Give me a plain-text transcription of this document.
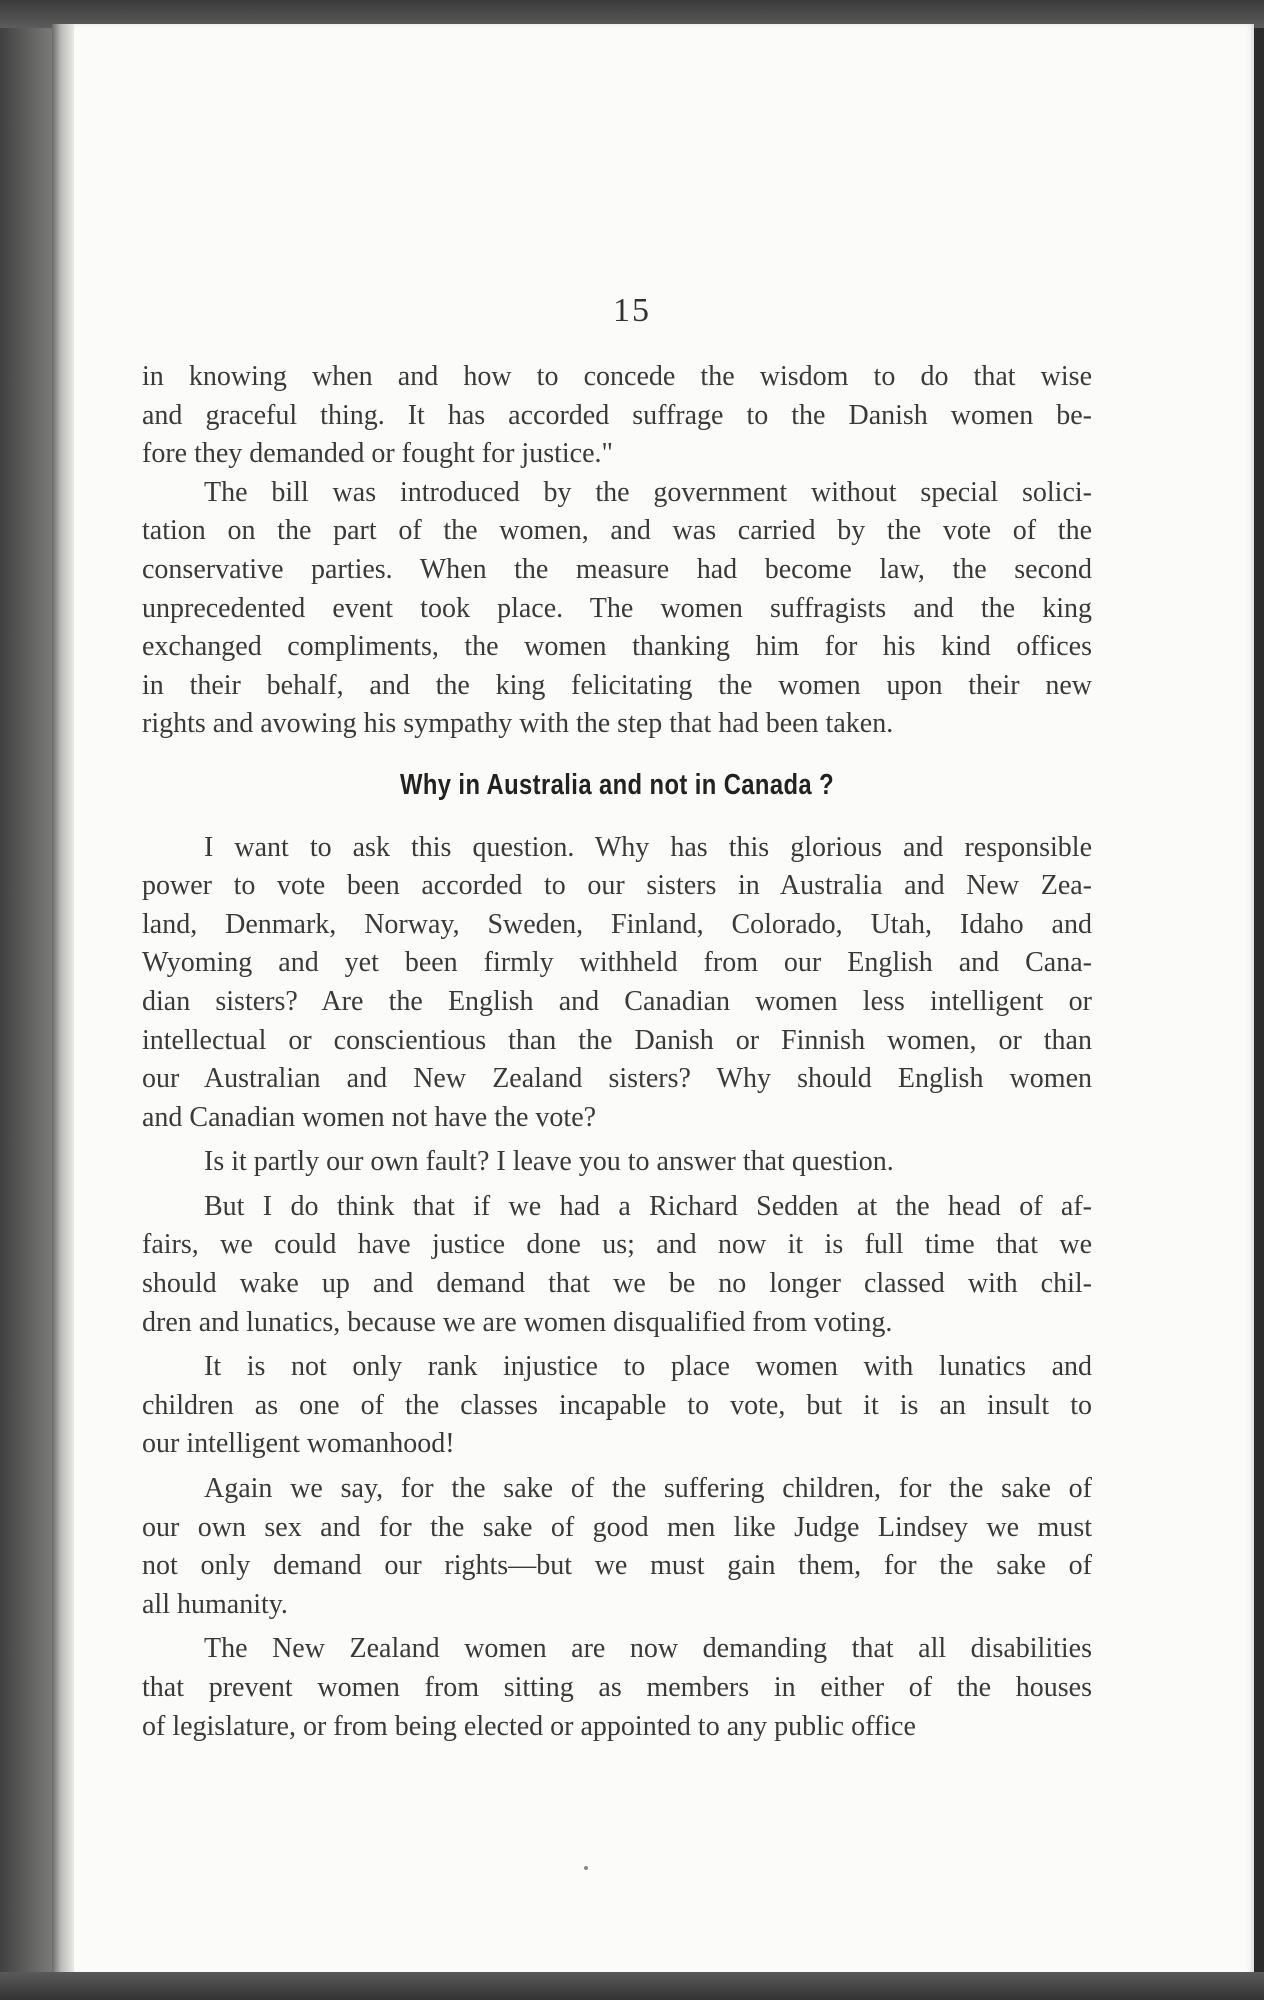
15

in knowing when and how to concede the wisdom to do that wise
and graceful thing. It has accorded suffrage to the Danish women be-
fore they demanded or fought for justice."

The bill was introduced by the government without special solici-
tation on the part of the women, and was carried by the vote of the
conservative parties. When the measure had become law, the second
unprecedented event took place. The women suffragists and the king
exchanged compliments, the women thanking him for his kind offices
in their behalf, and the king felicitating the women upon their new
rights and avowing his sympathy with the step that had been taken.

Why in Australia and not in Canada ?

I want to ask this question. Why has this glorious and responsible
power to vote been accorded to our sisters in Australia and New Zea-
land, Denmark, Norway, Sweden, Finland, Colorado, Utah, Idaho and
Wyoming and yet been firmly withheld from our English and Cana-
dian sisters? Are the English and Canadian women less intelligent or
intellectual or conscientious than the Danish or Finnish women, or than
our Australian and New Zealand sisters? Why should English women
and Canadian women not have the vote?

Is it partly our own fault? I leave you to answer that question.

But I do think that if we had a Richard Sedden at the head of af-
fairs, we could have justice done us; and now it is full time that we
should wake up and demand that we be no longer classed with chil-
dren and lunatics, because we are women disqualified from voting.

It is not only rank injustice to place women with lunatics and
children as one of the classes incapable to vote, but it is an insult to
our intelligent womanhood!

Again we say, for the sake of the suffering children, for the sake of
our own sex and for the sake of good men like Judge Lindsey we must
not only demand our rights—but we must gain them, for the sake of
all humanity.

The New Zealand women are now demanding that all disabilities
that prevent women from sitting as members in either of the houses
of legislature, or from being elected or appointed to any public office
